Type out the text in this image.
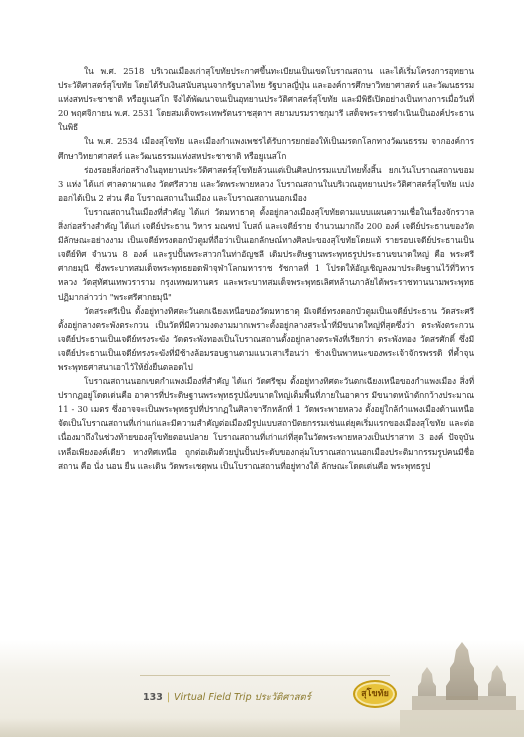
ใน พ.ศ. 2518 บริเวณเมืองเก่าสุโขทัยประกาศขึ้นทะเบียนเป็นเขตโบราณสถาน และได้เริ่มโครงการอุทยานประวัติศาสตร์สุโขทัย โดยได้รับเงินสนับสนุนจากรัฐบาลไทย รัฐบาลญี่ปุ่น และองค์การศึกษาวิทยาศาสตร์ และวัฒนธรรมแห่งสหประชาชาติ หรือยูเนสโก จึงได้พัฒนาจนเป็นอุทยานประวัติศาสตร์สุโขทัย และมีพิธีเปิดอย่างเป็นทางการเมื่อวันที่ 20 พฤศจิกายน พ.ศ. 2531 โดยสมเด็จพระเทพรัตนราชสุดาฯ สยามบรมราชกุมารี เสด็จพระราชดำเนินเป็นองค์ประธานในพิธี

ใน พ.ศ. 2534 เมืองสุโขทัย และเมืองกำแพงเพชรได้รับการยกย่องให้เป็นมรดกโลกทางวัฒนธรรม จากองค์การศึกษาวิทยาศาสตร์ และวัฒนธรรมแห่งสหประชาชาติ หรือยูเนสโก

ร่องรอยสิ่งก่อสร้างในอุทยานประวัติศาสตร์สุโขทัยล้วนแต่เป็นศิลปกรรมแบบไทยทั้งสิ้น ยกเว้นโบราณสถานขอม 3 แห่ง ได้แก่ ศาลตาผาแดง วัดศรีสวาย และวัดพระพายหลวง โบราณสถานในบริเวณอุทยานประวัติศาสตร์สุโขทัย แบ่งออกได้เป็น 2 ส่วน คือ โบราณสถานในเมือง และโบราณสถานนอกเมือง

โบราณสถานในเมืองที่สำคัญ ได้แก่ วัดมหาธาตุ ตั้งอยู่กลางเมืองสุโขทัยตามแบบแผนความเชื่อในเรื่องจักรวาล สิ่งก่อสร้างสำคัญ ได้แก่ เจดีย์ประธาน วิหาร มณฑป โบสถ์ และเจดีย์ราย จำนวนมากถึง 200 องค์ เจดีย์ประธานของวัดมีลักษณะอย่างงาม เป็นเจดีย์ทรงดอกบัวตูมที่ถือว่าเป็นเอกลักษณ์ทางศิลปะของสุโขทัยโดยแท้ รายรอบเจดีย์ประธานเป็นเจดีย์ทิศ จำนวน 8 องค์ และรูปปั้นพระสาวกในท่าอัญชลี เดิมประดิษฐานพระพุทธรูปประธานขนาดใหญ่ คือ พระศรีศากยมุนี ซึ่งพระบาทสมเด็จพระพุทธยอดฟ้าจุฬาโลกมหาราช รัชกาลที่ 1 โปรดให้อัญเชิญลงมาประดิษฐานไว้ที่วิหารหลวง วัดสุทัศนเทพวราราม กรุงเทพมหานคร และพระบาทสมเด็จพระพุทธเลิศหล้านภาลัยได้พระราชทานนามพระพุทธปฏิมากล่าวว่า "พระศรีศากยมุนี"

วัดสระศรีเป็น ตั้งอยู่ทางทิศตะวันตกเฉียงเหนือของวัดมหาธาตุ มีเจดีย์ทรงดอกบัวตูมเป็นเจดีย์ประธาน วัดสระศรี ตั้งอยู่กลางตระพังตระกวน เป็นวัดที่มีความงดงามมากเพราะตั้งอยู่กลางสระน้ำที่มีขนาดใหญ่ที่สุดซึ่งว่า ตระพังตระกวน เจดีย์ประธานเป็นเจดีย์ทรงระฆัง วัดตระพังทองเป็นโบราณสถานตั้งอยู่กลางตระพังที่เรียกว่า ตระพังทอง วัดสรศักดิ์ ซึ่งมีเจดีย์ประธานเป็นเจดีย์ทรงระฆังที่มีช้างล้อมรอบฐานตามแนวเสาเรือนว่า ช้างเป็นพาหนะของพระเจ้าจักรพรรดิ ที่ค้ำจุนพระพุทธศาสนาเอาไว้ให้ยั่งยืนตลอดไป

โบราณสถานนอกเขตกำแพงเมืองที่สำคัญ ได้แก่ วัดศรีชุม ตั้งอยู่ทางทิศตะวันตกเฉียงเหนือของกำแพงเมือง สิ่งที่ปรากฏอยู่โดดเด่นคือ อาคารที่ประดิษฐานพระพุทธรูปนั่งขนาดใหญ่เต็มพื้นที่ภายในอาคาร มีขนาดหน้าตักกว้างประมาณ 11 - 30 เมตร ซึ่งอาจจะเป็นพระพุทธรูปที่ปรากฏในศิลาจารึกหลักที่ 1 วัดพระพายหลวง ตั้งอยู่ใกล้กำแพงเมืองด้านเหนือ จัดเป็นโบราณสถานที่เก่าแก่และมีความสำคัญต่อเมืองมีรูปแบบสถาปัตยกรรมเช่นแต่ยุคเริ่มแรกของเมืองสุโขทัย และต่อเนื่องมาถึงในช่วงท้ายของสุโขทัยตอนปลาย โบราณสถานที่เก่าแก่ที่สุดในวัดพระพายหลวงเป็นปราสาท 3 องค์ ปัจจุบันเหลือเพียงองค์เดียว ทางทิศเหนือ ถูกต่อเติมด้วยปูนปั้นประดับของกลุ่มโบราณสถานนอกเมืองประติมากรรมรูปคนมีชื่อสถาน คือ นั่ง นอน ยืน และเดิน วัดพระเชตุพน เป็นโบราณสถานที่อยู่ทางใต้ ลักษณะโดดเด่นคือ พระพุทธรูป

133 | Virtual Field Trip ประวัติศาสตร์	สุโขทัย
